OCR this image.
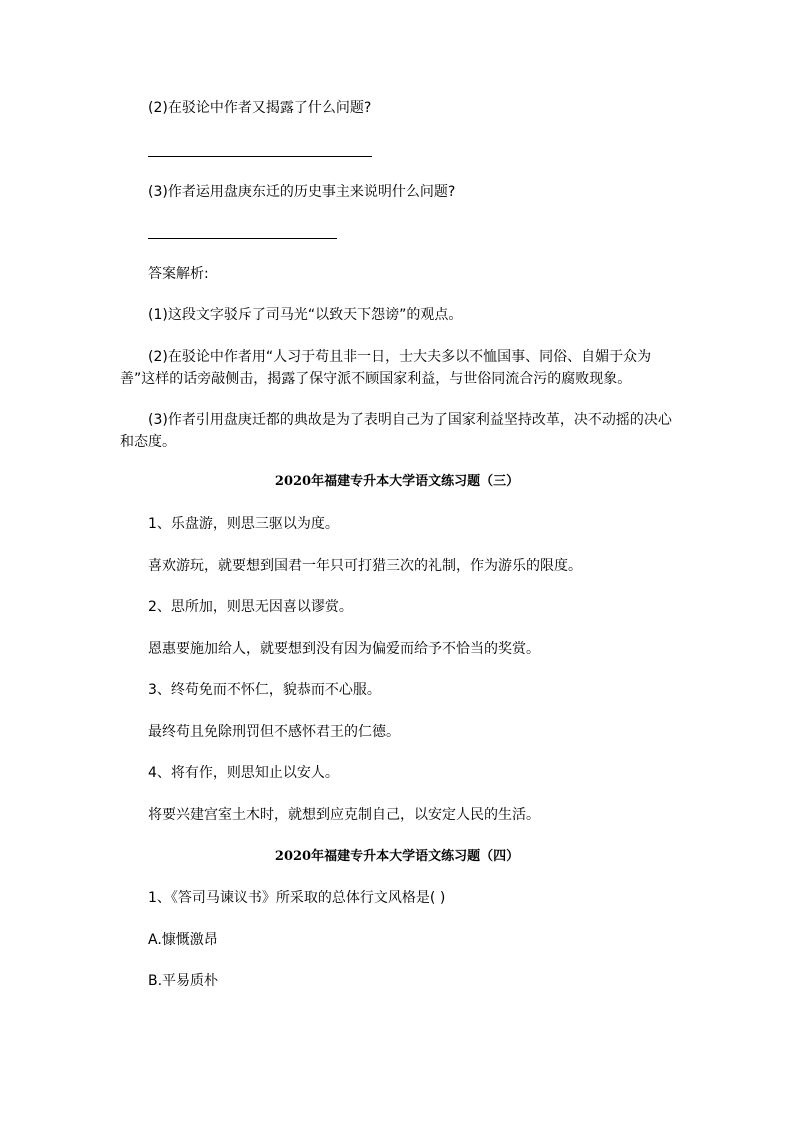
(2)在驳论中作者又揭露了什么问题?
(3)作者运用盘庚东迁的历史事主来说明什么问题?
答案解析:
(1)这段文字驳斥了司马光“以致天下怨谤”的观点。
(2)在驳论中作者用“人习于苟且非一日，士大夫多以不恤国事、同俗、自媚于众为善”这样的话旁敲侧击，揭露了保守派不顾国家利益，与世俗同流合污的腐败现象。
(3)作者引用盘庚迁都的典故是为了表明自己为了国家利益坚持改革，决不动摇的决心和态度。
2020年福建专升本大学语文练习题（三）
1、乐盘游，则思三驱以为度。
喜欢游玩，就要想到国君一年只可打猎三次的礼制，作为游乐的限度。
2、思所加，则思无因喜以谬赏。
恩惠要施加给人，就要想到没有因为偏爱而给予不恰当的奖赏。
3、终苟免而不怀仁，貌恭而不心服。
最终苟且免除刑罚但不感怀君王的仁德。
4、将有作，则思知止以安人。
将要兴建宫室土木时，就想到应克制自己，以安定人民的生活。
2020年福建专升本大学语文练习题（四）
1、《答司马谏议书》所采取的总体行文风格是( )
A.慷慨激昂
B.平易质朴
